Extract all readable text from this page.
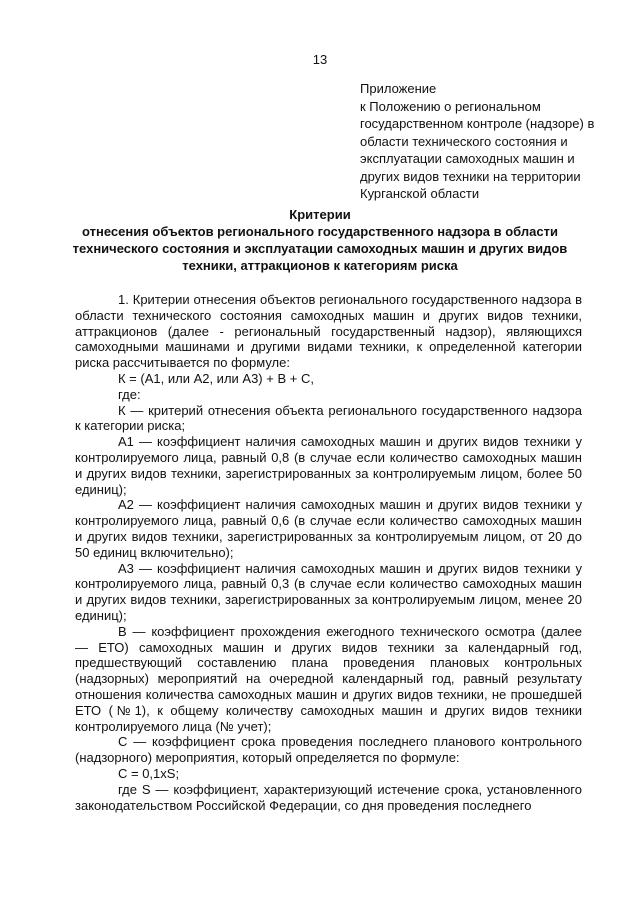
13
Приложение
к Положению о региональном
государственном контроле (надзоре) в
области технического состояния и
эксплуатации самоходных машин и
других видов техники на территории
Курганской области
Критерии
отнесения объектов регионального государственного надзора в области
технического состояния и эксплуатации самоходных машин и других видов
техники, аттракционов к категориям риска

1. Критерии отнесения объектов регионального государственного надзора в области технического состояния самоходных машин и других видов техники, аттракционов (далее - региональный государственный надзор), являющихся самоходными машинами и другими видами техники, к определенной категории риска рассчитывается по формуле:

К = (А1, или А2, или А3) + В + С,

где:

К — критерий отнесения объекта регионального государственного надзора к категории риска;

А1 — коэффициент наличия самоходных машин и других видов техники у контролируемого лица, равный 0,8 (в случае если количество самоходных машин и других видов техники, зарегистрированных за контролируемым лицом, более 50 единиц);

А2 — коэффициент наличия самоходных машин и других видов техники у контролируемого лица, равный 0,6 (в случае если количество самоходных машин и других видов техники, зарегистрированных за контролируемым лицом, от 20 до 50 единиц включительно);

А3 — коэффициент наличия самоходных машин и других видов техники у контролируемого лица, равный 0,3 (в случае если количество самоходных машин и других видов техники, зарегистрированных за контролируемым лицом, менее 20 единиц);

В — коэффициент прохождения ежегодного технического осмотра (далее — ЕТО) самоходных машин и других видов техники за календарный год, предшествующий составлению плана проведения плановых контрольных (надзорных) мероприятий на очередной календарный год, равный результату отношения количества самоходных машин и других видов техники, не прошедшей ЕТО (№1), к общему количеству самоходных машин и других видов техники контролируемого лица (№ учет);

С — коэффициент срока проведения последнего планового контрольного (надзорного) мероприятия, который определяется по формуле:

С = 0,1хS;

где S — коэффициент, характеризующий истечение срока, установленного законодательством Российской Федерации, со дня проведения последнего
